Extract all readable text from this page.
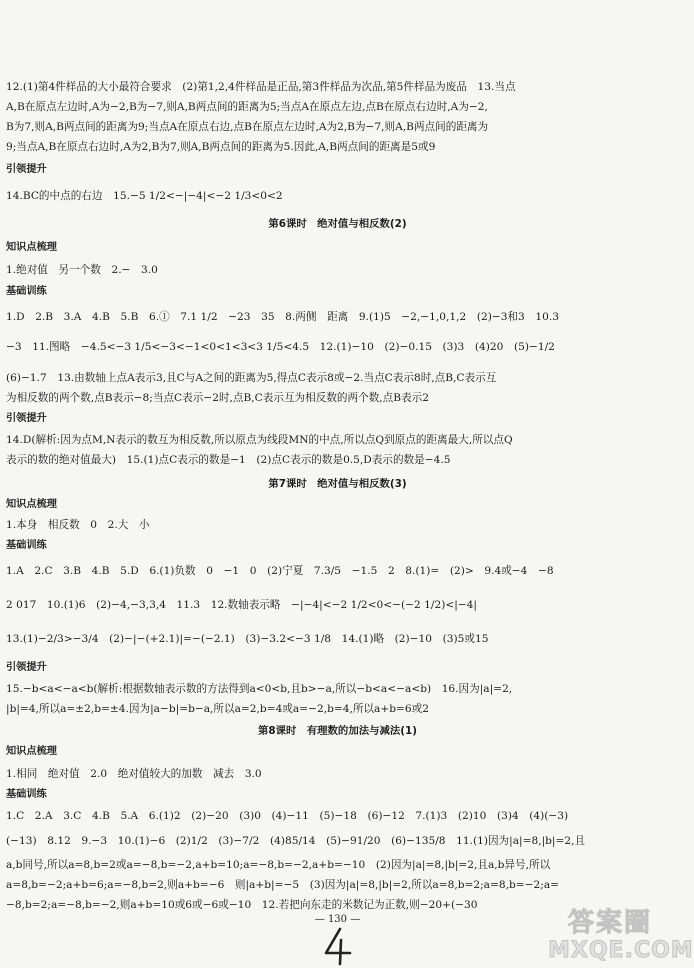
12.(1)第4件样品的大小最符合要求　(2)第1,2,4件样品是正品,第3件样品为次品,第5件样品为废品　13.当点
A,B在原点左边时,A为−2,B为−7,则A,B两点间的距离为5;当点A在原点左边,点B在原点右边时,A为−2,
B为7,则A,B两点间的距离为9;当点A在原点右边,点B在原点左边时,A为2,B为−7,则A,B两点间的距离为
9;当点A,B在原点右边时,A为2,B为7,则A,B两点间的距离为5.因此,A,B两点间的距离是5或9
引领提升
14.BC的中点的右边　15.−5 1/2<−|−4|<−2 1/3<0<2
第6课时　绝对值与相反数(2)
知识点梳理
1.绝对值　另一个数　2.−　3.0
基础训练
1.D　2.B　3.A　4.B　5.B　6.①　7.1 1/2　−23　35　8.两侧　距离　9.(1)5　−2,−1,0,1,2　(2)−3和3　10.3
−3　11.图略　−4.5<−3 1/5<−3<−1<0<1<3<3 1/5<4.5　12.(1)−10　(2)−0.15　(3)3　(4)20　(5)−1/2
(6)−1.7　13.由数轴上点A表示3,且C与A之间的距离为5,得点C表示8或−2.当点C表示8时,点B,C表示互
为相反数的两个数,点B表示−8;当点C表示−2时,点B,C表示互为相反数的两个数,点B表示2
引领提升
14.D(解析:因为点M,N表示的数互为相反数,所以原点为线段MN的中点,所以点Q到原点的距离最大,所以点Q
表示的数的绝对值最大)　15.(1)点C表示的数是−1　(2)点C表示的数是0.5,D表示的数是−4.5
第7课时　绝对值与相反数(3)
知识点梳理
1.本身　相反数　0　2.大　小
基础训练
1.A　2.C　3.B　4.B　5.D　6.(1)负数　0　−1　0　(2)宁夏　7.3/5　−1.5　2　8.(1)=　(2)>　9.4或−4　−8
2 017　10.(1)6　(2)−4,−3,3,4　11.3　12.数轴表示略　−|−4|<−2 1/2<0<−(−2 1/2)<|−4|
13.(1)−2/3>−3/4　(2)−|−(+2.1)|=−(−2.1)　(3)−3.2<−3 1/8　14.(1)略　(2)−10　(3)5或15
引领提升
15.−b<a<−a<b(解析:根据数轴表示数的方法得到a<0<b,且b>−a,所以−b<a<−a<b)　16.因为|a|=2,
|b|=4,所以a=±2,b=±4.因为|a−b|=b−a,所以a=2,b=4或a=−2,b=4,所以a+b=6或2
第8课时　有理数的加法与减法(1)
知识点梳理
1.相同　绝对值　2.0　绝对值较大的加数　减去　3.0
基础训练
1.C　2.A　3.C　4.B　5.A　6.(1)2　(2)−20　(3)0　(4)−11　(5)−18　(6)−12　7.(1)3　(2)10　(3)4　(4)(−3)
(−13)　8.12　9.−3　10.(1)−6　(2)1/2　(3)−7/2　(4)85/14　(5)−91/20　(6)−135/8　11.(1)因为|a|=8,|b|=2,且
a,b同号,所以a=8,b=2或a=−8,b=−2,a+b=10;a=−8,b=−2,a+b=−10　(2)因为|a|=8,|b|=2,且a,b异号,所以
a=8,b=−2;a+b=6;a=−8,b=2,则a+b=−6　则|a+b|=−5　(3)因为|a|=8,|b|=2,所以a=8,b=2;a=8,b=−2;a=
−8,b=2;a=−8,b=−2,则a+b=10或6或−6或−10　12.若把向东走的米数记为正数,则−20+(−30
— 130 —	答案圈
MXQE.COM
